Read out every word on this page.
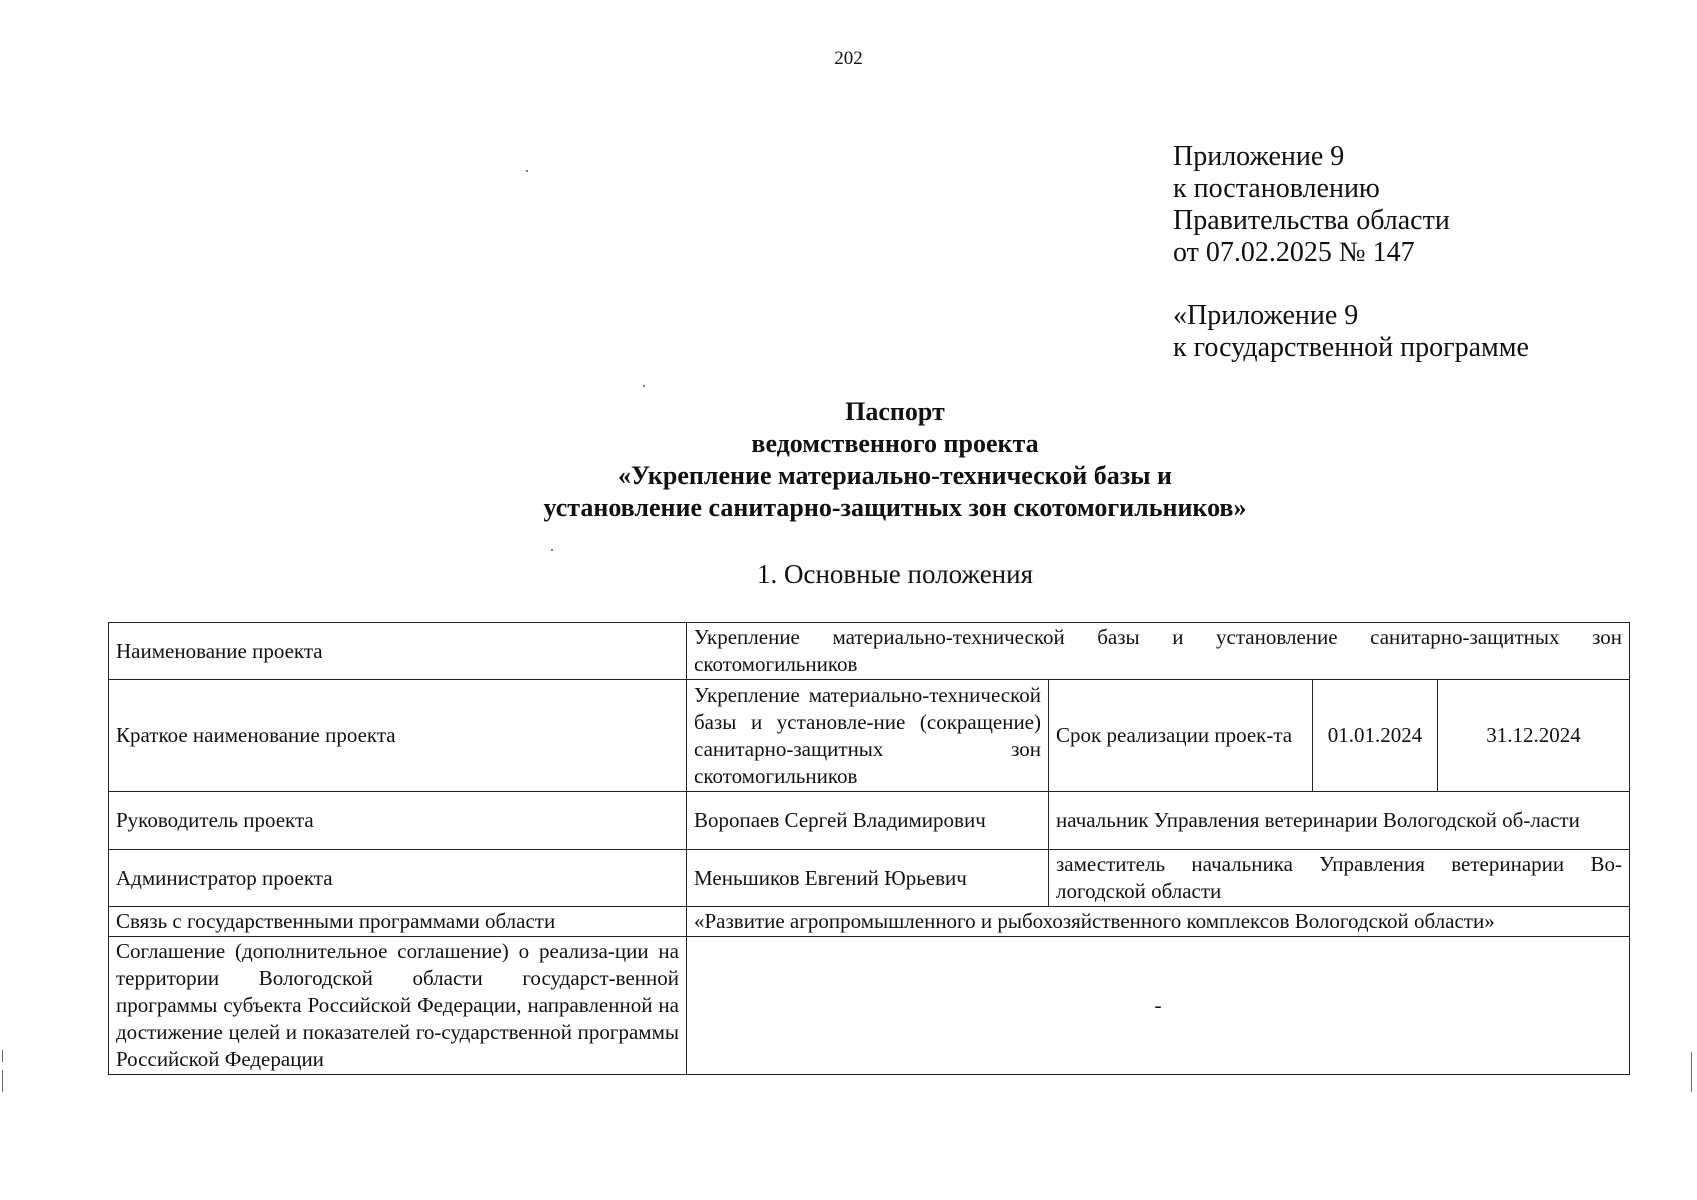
202
Приложение 9
к постановлению
Правительства области
от 07.02.2025 № 147
«Приложение 9
к государственной программе
Паспорт
ведомственного проекта
«Укрепление материально-технической базы и
установление санитарно-защитных зон скотомогильников»
1. Основные положения
Наименование проекта	Укрепление материально-технической базы и установление санитарно-защитных зон скотомогильников			
Краткое наименование проекта	Укрепление материально-технической базы и установле-ние (сокращение) санитарно-защитных зон скотомогильников	Срок реализации проек-та	01.01.2024	31.12.2024
Руководитель проекта	Воропаев Сергей Владимирович	начальник Управления ветеринарии Вологодской об-ласти		
Администратор проекта	Меньшиков Евгений Юрьевич	заместитель начальника Управления ветеринарии Во-логодской области		
Связь с государственными программами области	«Развитие агропромышленного и рыбохозяйственного комплексов Вологодской области»			
Соглашение (дополнительное соглашение) о реализа-ции на территории Вологодской области государст-венной программы субъекта Российской Федерации, направленной на достижение целей и показателей го-сударственной программы Российской Федерации	-			
